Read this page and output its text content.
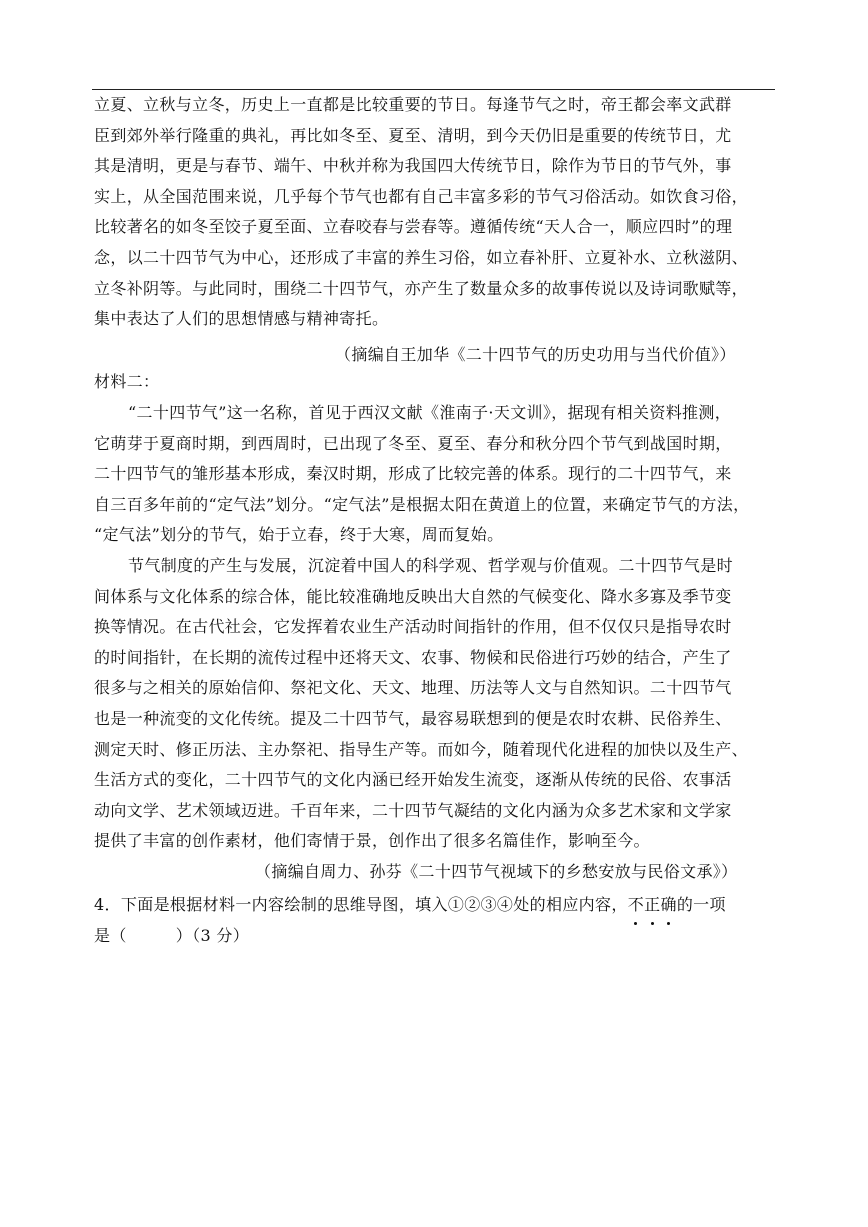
立夏、立秋与立冬，历史上一直都是比较重要的节日。每逢节气之时，帝王都会率文武群
臣到郊外举行隆重的典礼，再比如冬至、夏至、清明，到今天仍旧是重要的传统节日，尤
其是清明，更是与春节、端午、中秋并称为我国四大传统节日，除作为节日的节气外，事
实上，从全国范围来说，几乎每个节气也都有自己丰富多彩的节气习俗活动。如饮食习俗，
比较著名的如冬至饺子夏至面、立春咬春与尝春等。遵循传统“天人合一，顺应四时”的理
念，以二十四节气为中心，还形成了丰富的养生习俗，如立春补肝、立夏补水、立秋滋阴、
立冬补阴等。与此同时，围绕二十四节气，亦产生了数量众多的故事传说以及诗词歌赋等，
集中表达了人们的思想情感与精神寄托。
（摘编自王加华《二十四节气的历史功用与当代价值》）
材料二：
“二十四节气”这一名称，首见于西汉文献《淮南子·天文训》，据现有相关资料推测，
它萌芽于夏商时期，到西周时，已出现了冬至、夏至、春分和秋分四个节气到战国时期，
二十四节气的雏形基本形成，秦汉时期，形成了比较完善的体系。现行的二十四节气，来
自三百多年前的“定气法”划分。“定气法”是根据太阳在黄道上的位置，来确定节气的方法，
“定气法”划分的节气，始于立春，终于大寒，周而复始。
节气制度的产生与发展，沉淀着中国人的科学观、哲学观与价值观。二十四节气是时
间体系与文化体系的综合体，能比较准确地反映出大自然的气候变化、降水多寡及季节变
换等情况。在古代社会，它发挥着农业生产活动时间指针的作用，但不仅仅只是指导农时
的时间指针，在长期的流传过程中还将天文、农事、物候和民俗进行巧妙的结合，产生了
很多与之相关的原始信仰、祭祀文化、天文、地理、历法等人文与自然知识。二十四节气
也是一种流变的文化传统。提及二十四节气，最容易联想到的便是农时农耕、民俗养生、
测定天时、修正历法、主办祭祀、指导生产等。而如今，随着现代化进程的加快以及生产、
生活方式的变化，二十四节气的文化内涵已经开始发生流变，逐渐从传统的民俗、农事活
动向文学、艺术领域迈进。千百年来，二十四节气凝结的文化内涵为众多艺术家和文学家
提供了丰富的创作素材，他们寄情于景，创作出了很多名篇佳作，影响至今。
（摘编自周力、孙芬《二十四节气视域下的乡愁安放与民俗文承》）
4．下面是根据材料一内容绘制的思维导图，填入①②③④处的相应内容，不正确的一项
是（　　　）（3 分）
